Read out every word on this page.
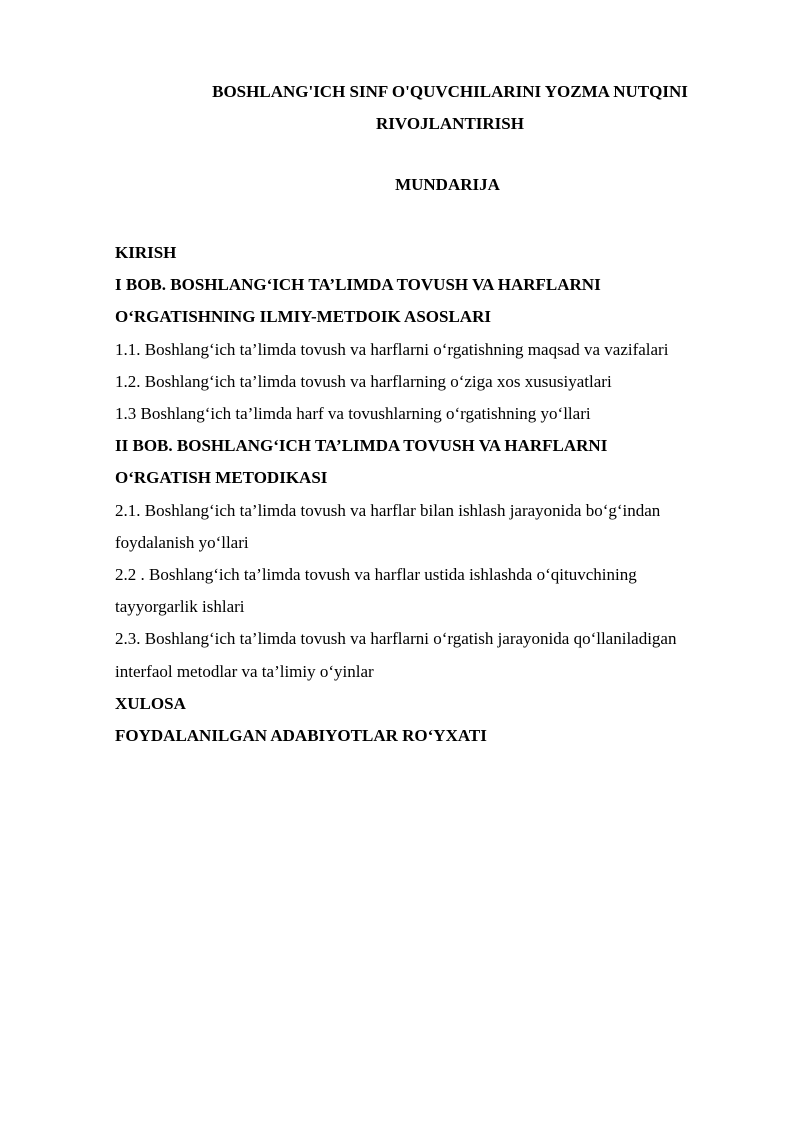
BOSHLANG'ICH SINF O'QUVCHILARINI YOZMA NUTQINI
RIVOJLANTIRISH
MUNDARIJA
KIRISH
I BOB. BOSHLANG‘ICH TA’LIMDA TOVUSH VA HARFLARNI
O‘RGATISHNING ILMIY-METDOIK ASOSLARI
1.1. Boshlang‘ich ta’limda tovush va harflarni o‘rgatishning maqsad va vazifalari
1.2. Boshlang‘ich ta’limda tovush va harflarning o‘ziga xos xususiyatlari
1.3 Boshlang‘ich ta’limda harf va tovushlarning o‘rgatishning yo‘llari
II BOB. BOSHLANG‘ICH TA’LIMDA TOVUSH VA HARFLARNI
O‘RGATISH METODIKASI
2.1. Boshlang‘ich ta’limda tovush va harflar bilan ishlash jarayonida bo‘g‘indan
foydalanish yo‘llari
2.2 . Boshlang‘ich ta’limda tovush va harflar ustida ishlashda o‘qituvchining
tayyorgarlik ishlari
2.3. Boshlang‘ich ta’limda tovush va harflarni o‘rgatish jarayonida qo‘llaniladigan
interfaol metodlar va ta’limiy o‘yinlar
XULOSA
FOYDALANILGAN ADABIYOTLAR RO‘YXATI
